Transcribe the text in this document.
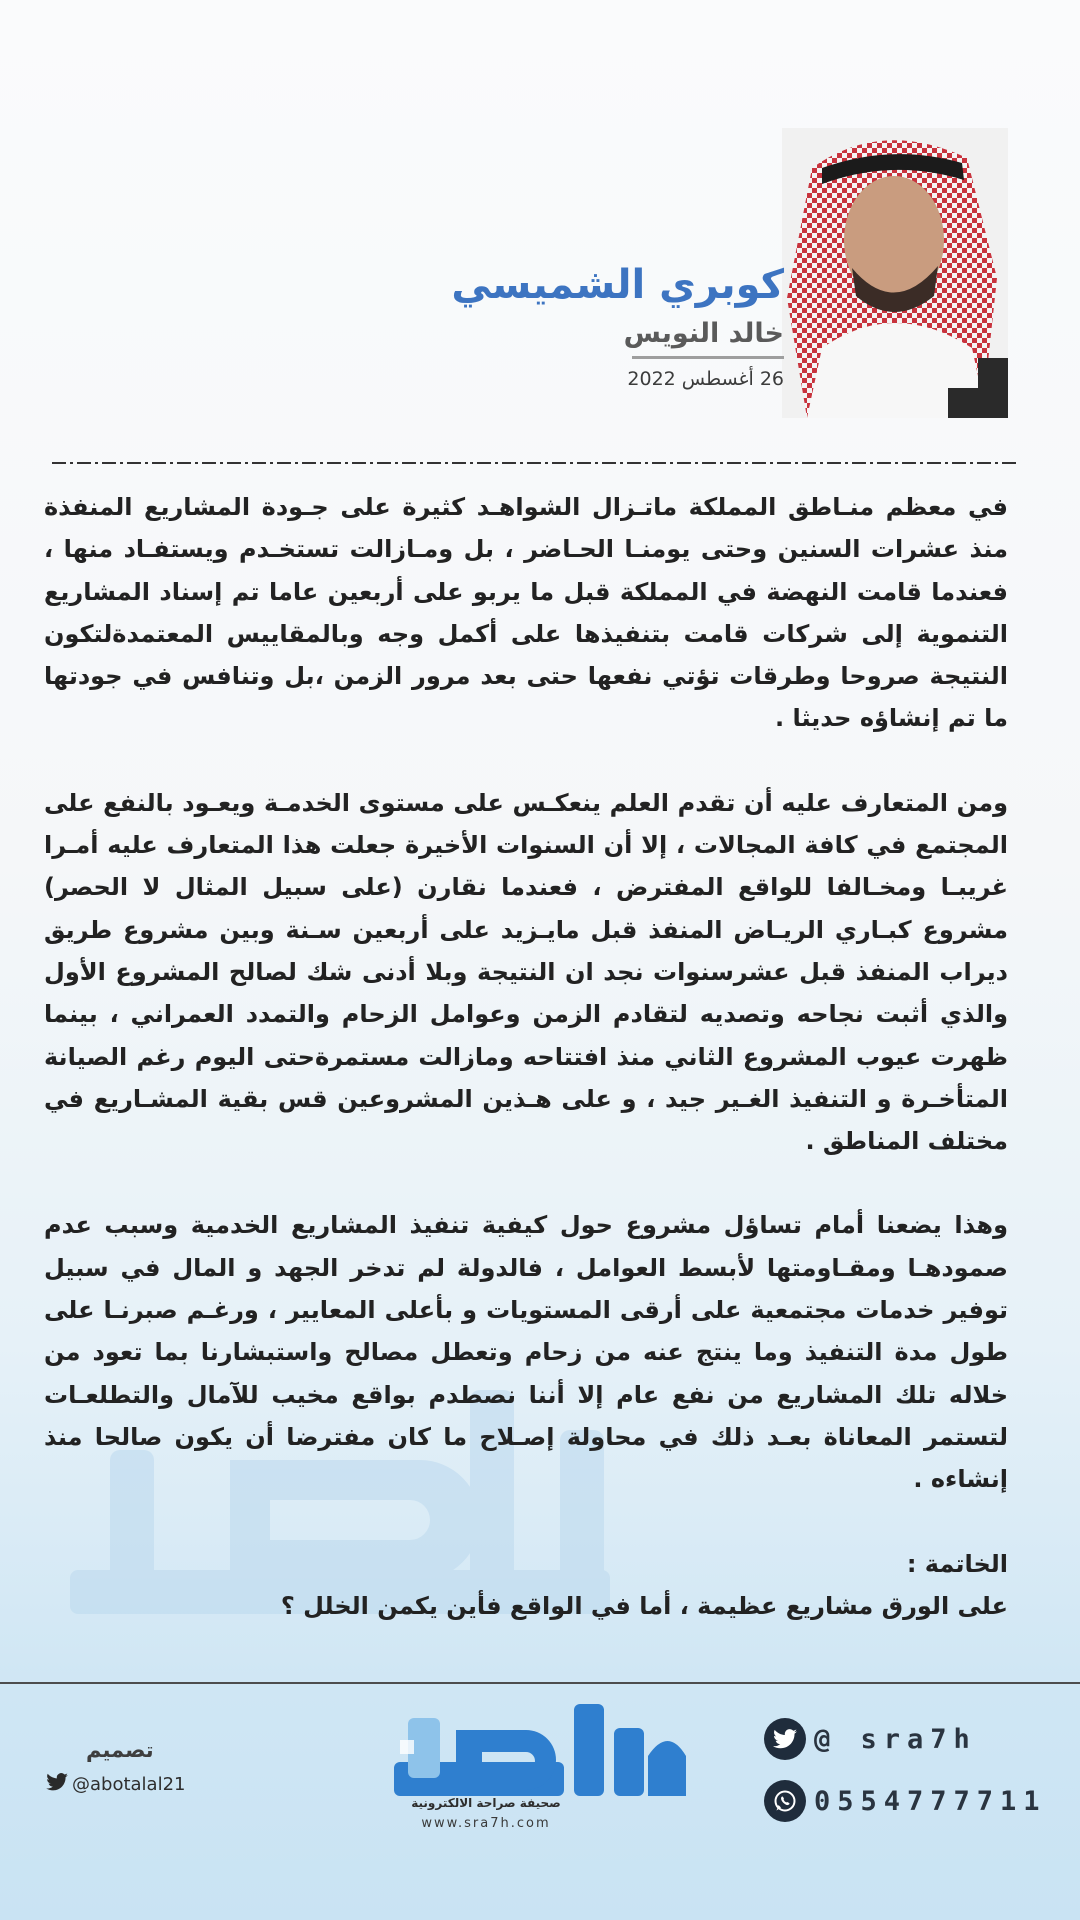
كوبري الشميسي
خالد النويس
26 أغسطس 2022

في معظم منـاطق المملكة ماتـزال الشواهـد كثيرة على جـودة المشاريع المنفذة منذ عشرات السنين وحتى يومنـا الحـاضر ، بل ومـازالت تستخـدم ويستفـاد منها ، فعندما قامت النهضة في المملكة قبل ما يربو على أربعين عاما تم إسناد المشاريع التنموية إلى شركات قامت بتنفيذها على أكمل وجه وبالمقاييس المعتمدةلتكون النتيجة صروحا وطرقات تؤتي نفعها حتى بعد مرور الزمن ،بل وتنافس في جودتها ما تم إنشاؤه حديثا .

ومن المتعارف عليه أن تقدم العلم ينعكـس على مستوى الخدمـة ويعـود بالنفع على المجتمع في كافة المجالات ، إلا أن السنوات الأخيرة جعلت هذا المتعارف عليه أمـرا غريبـا ومخـالفا للواقع المفترض ، فعندما نقارن (على سبيل المثال لا الحصر) مشروع كبـاري الريـاض المنفذ قبل مايـزيد على أربعين سـنة وبين مشروع طريق ديراب المنفذ قبل عشرسنوات نجد ان النتيجة وبلا أدنى شك لصالح المشروع الأول والذي أثبت نجاحه وتصديه لتقادم الزمن وعوامل الزحام والتمدد العمراني ، بينما ظهرت عيوب المشروع الثاني منذ افتتاحه ومازالت مستمرةحتى اليوم رغم الصيانة المتأخـرة و التنفيذ الغـير جيد ، و على هـذين المشروعين قس بقية المشـاريع في مختلف المناطق .

وهذا يضعنا أمام تساؤل مشروع حول كيفية تنفيذ المشاريع الخدمية وسبب عدم صمودهـا ومقـاومتها لأبسط العوامل ، فالدولة لم تدخر الجهد و المال في سبيل توفير خدمات مجتمعية على أرقى المستويات و بأعلى المعايير ، ورغـم صبرنـا على طول مدة التنفيذ وما ينتج عنه من زحام وتعطل مصالح واستبشارنا بما تعود من خلاله تلك المشاريع من نفع عام إلا أننا نصطدم بواقع مخيب للآمال والتطلعـات لتستمر المعاناة بعـد ذلك في محاولة إصـلاح ما كان مفترضا أن يكون صالحا منذ إنشاءه .

الخاتمة :

على الورق مشاريع عظيمة ، أما في الواقع فأين يكمن الخلل ؟

تصميم
@abotalal21
صحيفة صراحة الالكترونية
www.sra7h.com
@ sra7h
0554777711
